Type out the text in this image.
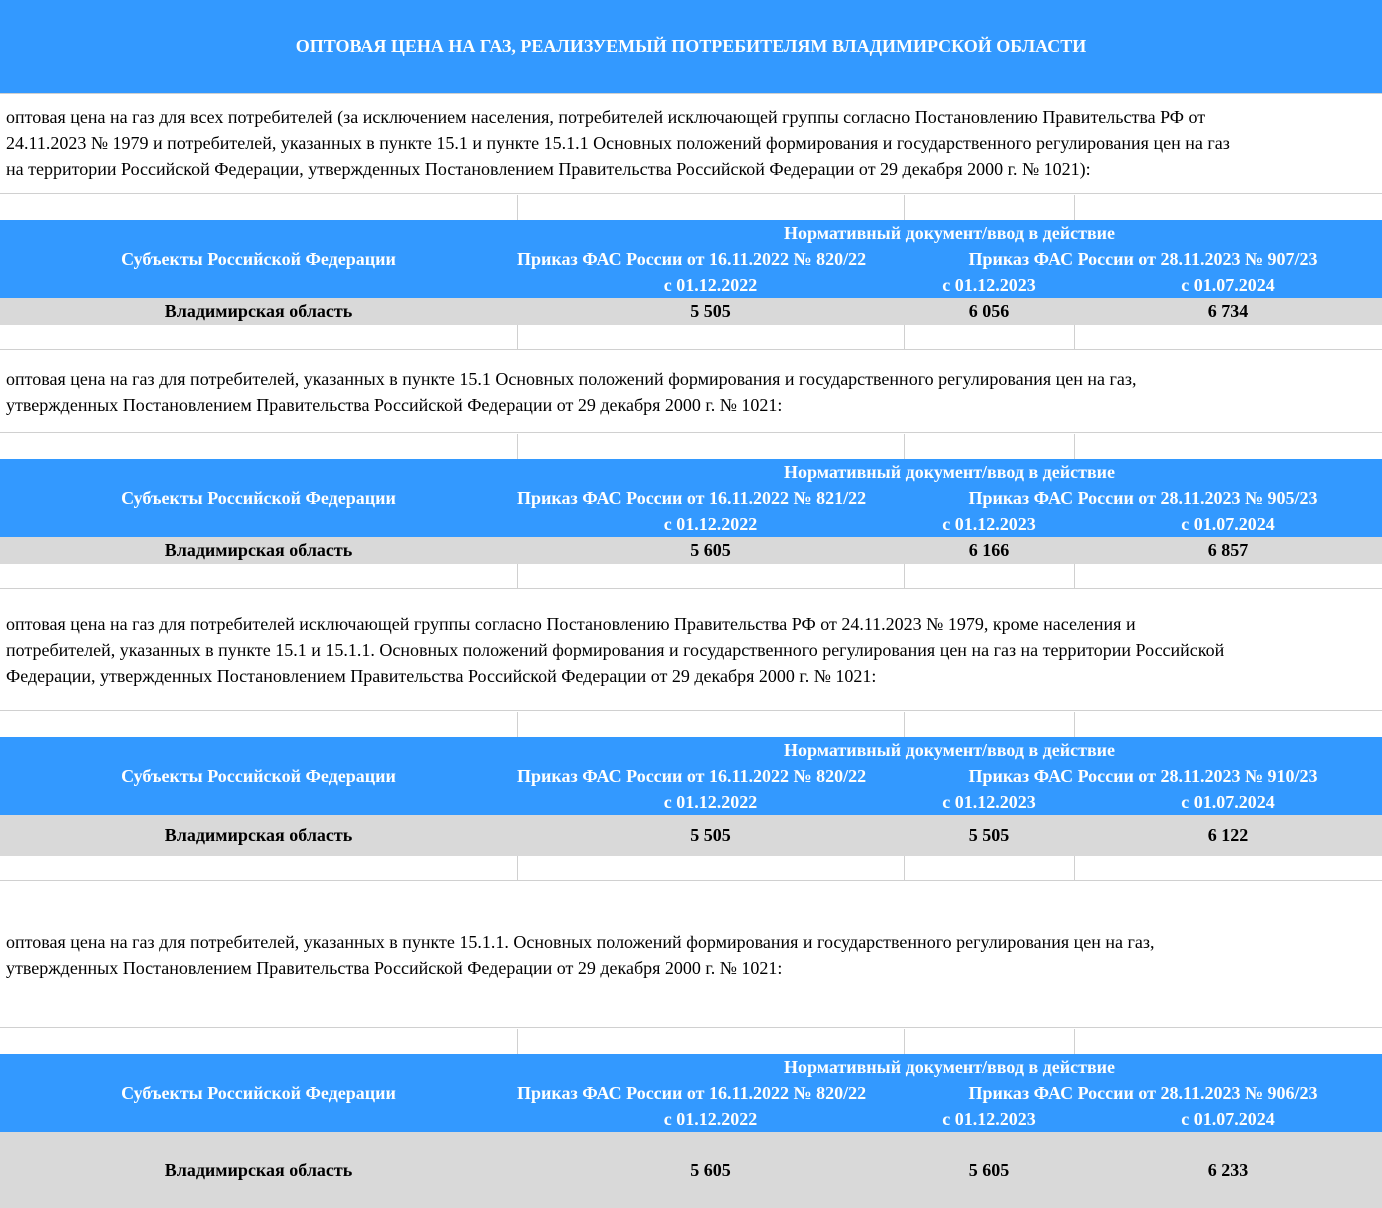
ОПТОВАЯ ЦЕНА НА ГАЗ, РЕАЛИЗУЕМЫЙ ПОТРЕБИТЕЛЯМ ВЛАДИМИРСКОЙ ОБЛАСТИ
оптовая цена на газ для всех потребителей (за исключением населения, потребителей исключающей группы согласно Постановлению Правительства РФ от
24.11.2023 № 1979 и потребителей, указанных в пункте 15.1 и пункте 15.1.1 Основных положений формирования и государственного регулирования цен на газ
на территории Российской Федерации, утвержденных Постановлением Правительства Российской Федерации от 29 декабря 2000 г. № 1021):
Субъекты Российской Федерации
Нормативный документ/ввод в действие
Приказ ФАС России от 16.11.2022 № 820/22	Приказ ФАС России от 28.11.2023 № 907/23
с 01.12.2022	с 01.12.2023	с 01.07.2024
Владимирская область	5 505	6 056	6 734
оптовая цена на газ для потребителей, указанных в пункте 15.1 Основных положений формирования и государственного регулирования цен на газ,
утвержденных Постановлением Правительства Российской Федерации от 29 декабря 2000 г. № 1021:
Субъекты Российской Федерации
Нормативный документ/ввод в действие
Приказ ФАС России от 16.11.2022 № 821/22	Приказ ФАС России от 28.11.2023 № 905/23
с 01.12.2022	с 01.12.2023	с 01.07.2024
Владимирская область	5 605	6 166	6 857
оптовая цена на газ для потребителей исключающей группы согласно Постановлению Правительства РФ от 24.11.2023 № 1979, кроме населения и
потребителей, указанных в пункте 15.1 и 15.1.1. Основных положений формирования и государственного регулирования цен на газ на территории Российской
Федерации, утвержденных Постановлением Правительства Российской Федерации от 29 декабря 2000 г. № 1021:
Субъекты Российской Федерации
Нормативный документ/ввод в действие
Приказ ФАС России от 16.11.2022 № 820/22	Приказ ФАС России от 28.11.2023 № 910/23
с 01.12.2022	с 01.12.2023	с 01.07.2024
Владимирская область	5 505	5 505	6 122
оптовая цена на газ для потребителей, указанных в пункте 15.1.1. Основных положений формирования и государственного регулирования цен на газ,
утвержденных Постановлением Правительства Российской Федерации от 29 декабря 2000 г. № 1021:
Субъекты Российской Федерации
Нормативный документ/ввод в действие
Приказ ФАС России от 16.11.2022 № 820/22	Приказ ФАС России от 28.11.2023 № 906/23
с 01.12.2022	с 01.12.2023	с 01.07.2024
Владимирская область	5 605	5 605	6 233
